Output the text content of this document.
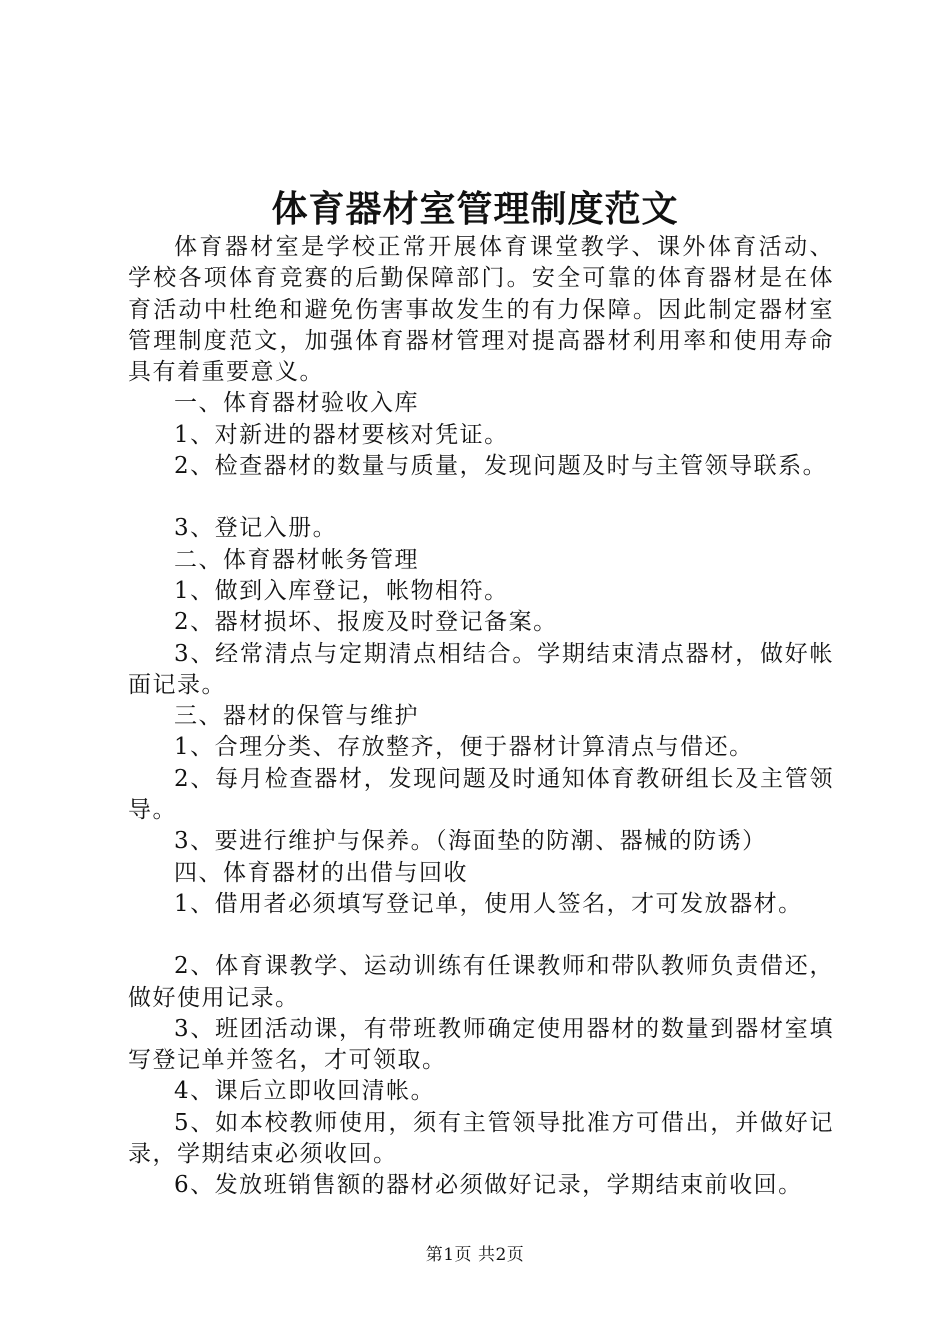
体育器材室管理制度范文

体育器材室是学校正常开展体育课堂教学、课外体育活动、学校各项体育竞赛的后勤保障部门。安全可靠的体育器材是在体育活动中杜绝和避免伤害事故发生的有力保障。因此制定器材室管理制度范文，加强体育器材管理对提高器材利用率和使用寿命具有着重要意义。

一、体育器材验收入库

1、对新进的器材要核对凭证。

2、检查器材的数量与质量，发现问题及时与主管领导联系。

3、登记入册。

二、体育器材帐务管理

1、做到入库登记，帐物相符。

2、器材损坏、报废及时登记备案。

3、经常清点与定期清点相结合。学期结束清点器材，做好帐面记录。

三、器材的保管与维护

1、合理分类、存放整齐，便于器材计算清点与借还。

2、每月检查器材，发现问题及时通知体育教研组长及主管领导。

3、要进行维护与保养。（海面垫的防潮、器械的防诱）

四、体育器材的出借与回收

1、借用者必须填写登记单，使用人签名，才可发放器材。

2、体育课教学、运动训练有任课教师和带队教师负责借还，做好使用记录。

3、班团活动课，有带班教师确定使用器材的数量到器材室填写登记单并签名，才可领取。

4、课后立即收回清帐。

5、如本校教师使用，须有主管领导批准方可借出，并做好记录，学期结束必须收回。

6、发放班销售额的器材必须做好记录，学期结束前收回。

第1页 共2页
